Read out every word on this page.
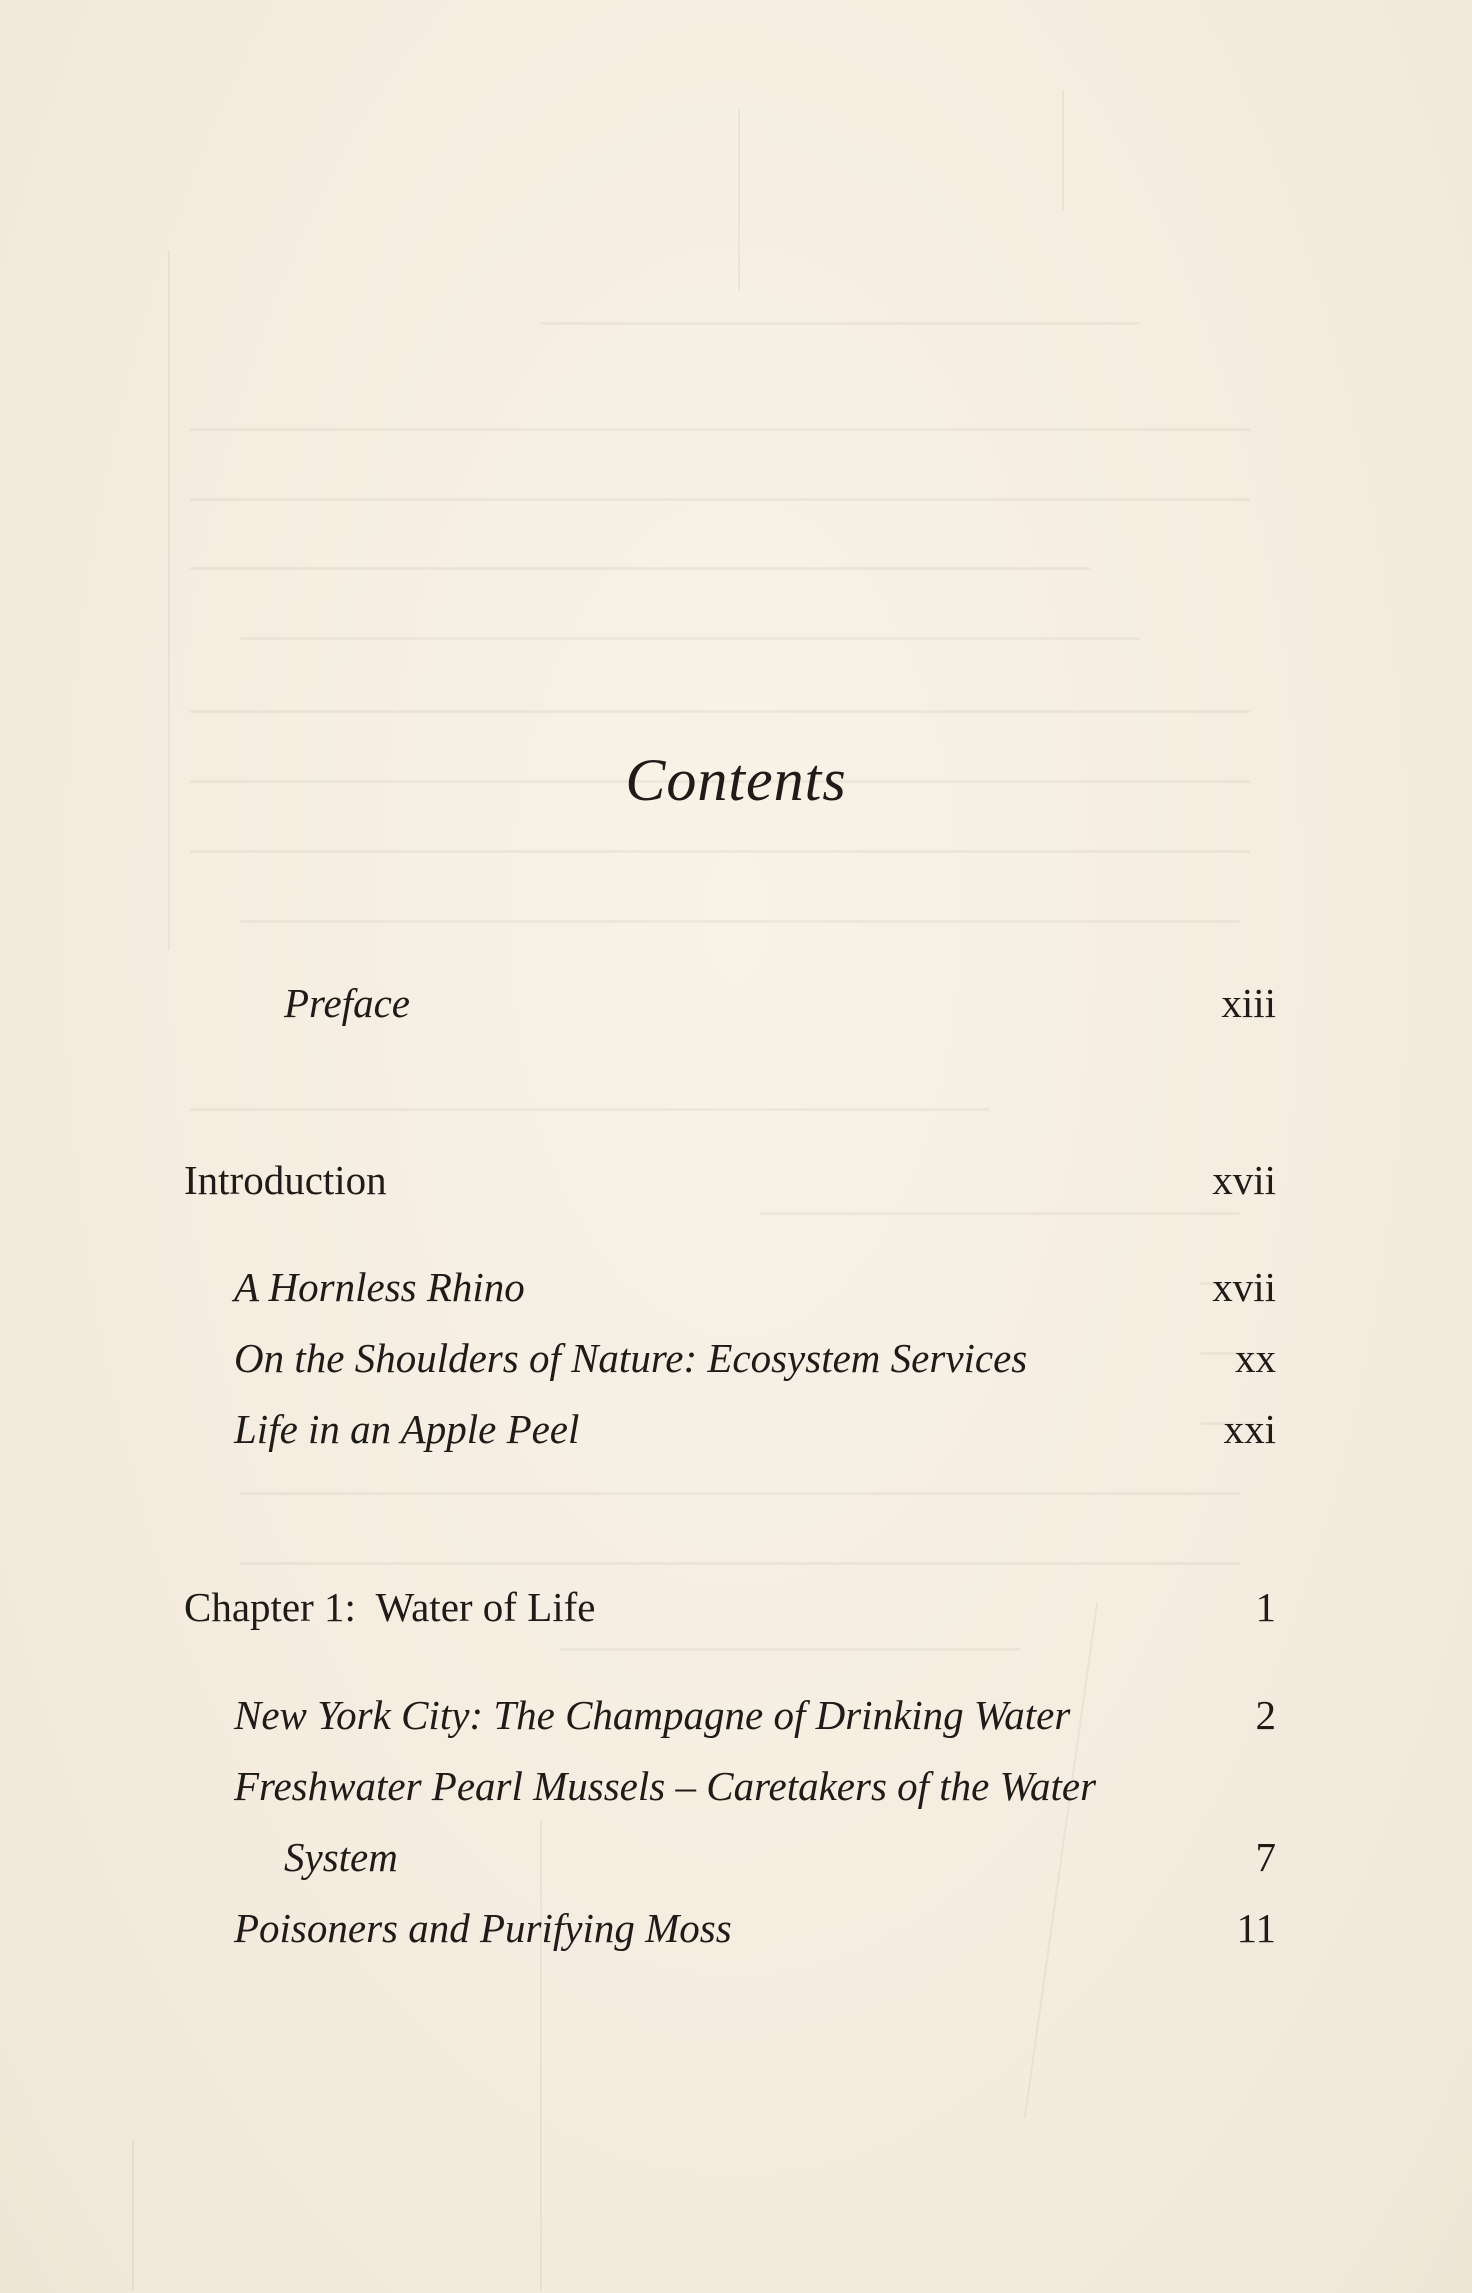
Contents
Preface	xiii
Introduction	xvii
A Hornless Rhino	xvii
On the Shoulders of Nature: Ecosystem Services	xx
Life in an Apple Peel	xxi
Chapter 1:  Water of Life	1
New York City: The Champagne of Drinking Water	2
Freshwater Pearl Mussels – Caretakers of the Water
System	7
Poisoners and Purifying Moss	11
